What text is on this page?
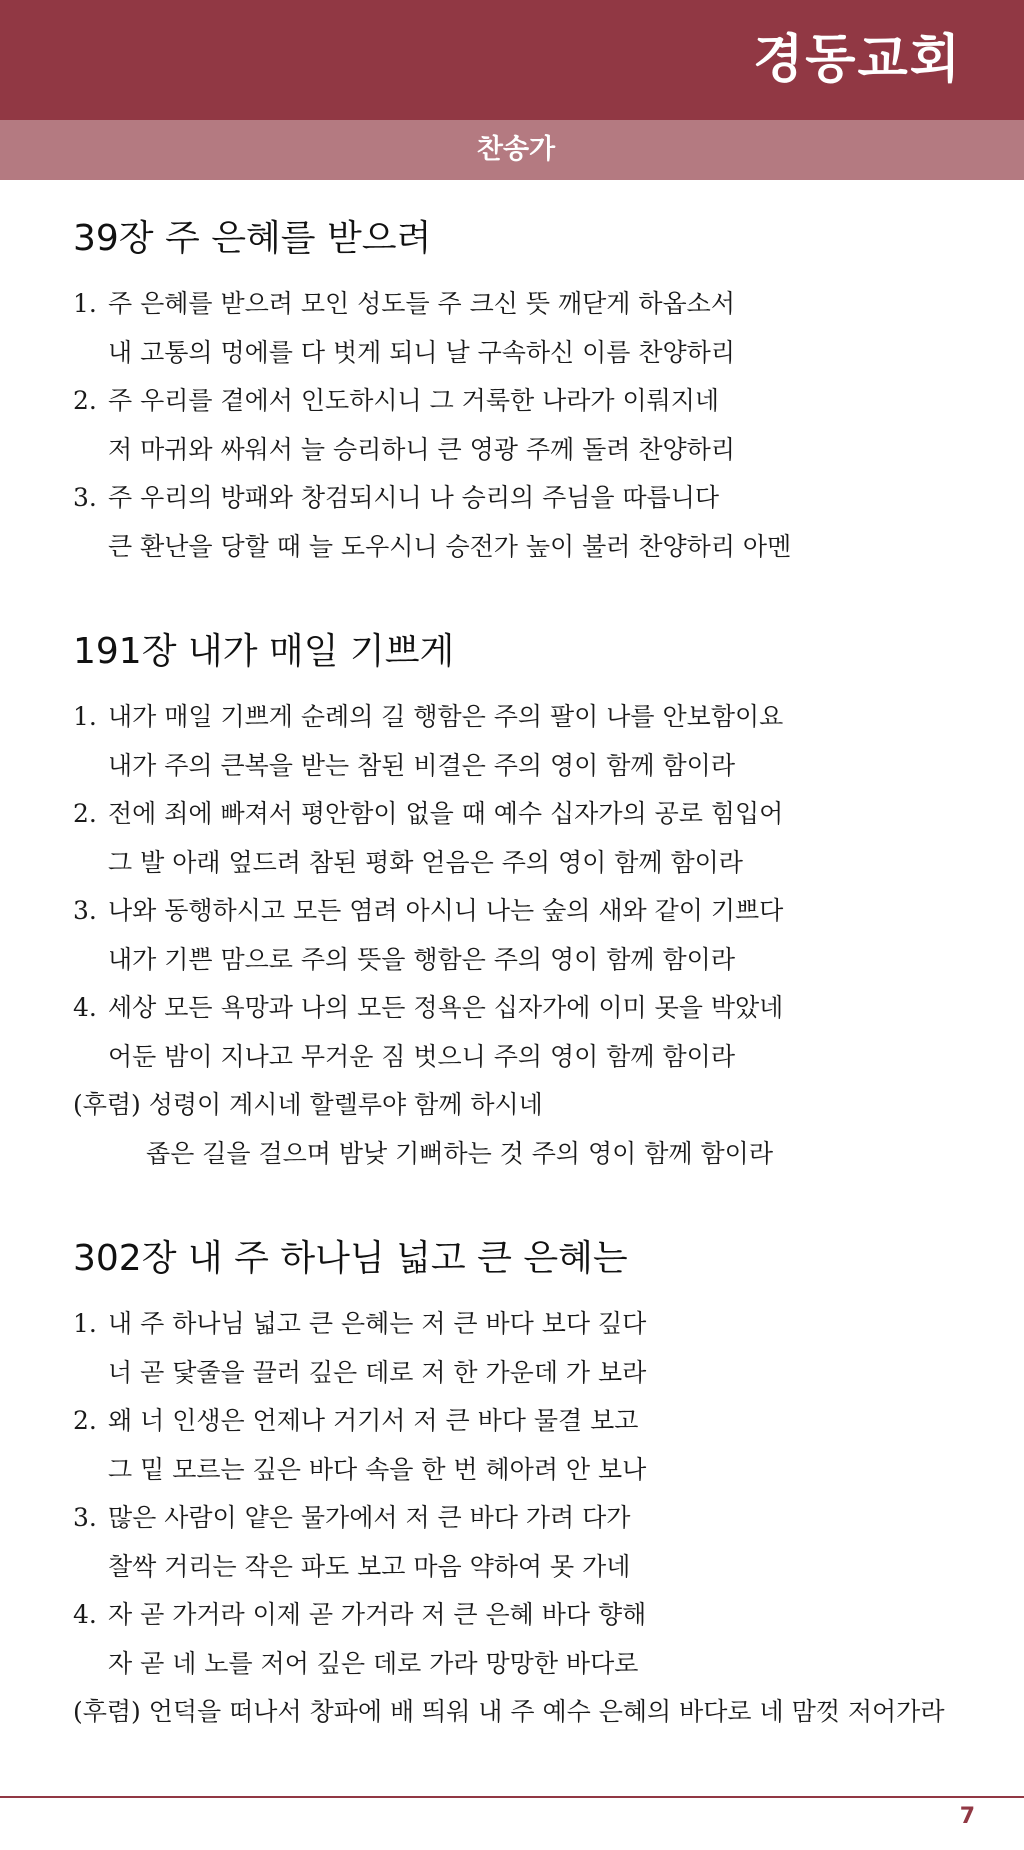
경동교회
찬송가
39장 주 은혜를 받으려
1. 주 은혜를 받으려 모인 성도들 주 크신 뜻 깨닫게 하옵소서
내 고통의 멍에를 다 벗게 되니 날 구속하신 이름 찬양하리
2. 주 우리를 곁에서 인도하시니 그 거룩한 나라가 이뤄지네
저 마귀와 싸워서 늘 승리하니 큰 영광 주께 돌려 찬양하리
3. 주 우리의 방패와 창검되시니 나 승리의 주님을 따릅니다
큰 환난을 당할 때 늘 도우시니 승전가 높이 불러 찬양하리 아멘
191장 내가 매일 기쁘게
1. 내가 매일 기쁘게 순례의 길 행함은 주의 팔이 나를 안보함이요
내가 주의 큰복을 받는 참된 비결은 주의 영이 함께 함이라
2. 전에 죄에 빠져서 평안함이 없을 때 예수 십자가의 공로 힘입어
그 발 아래 엎드려 참된 평화 얻음은 주의 영이 함께 함이라
3. 나와 동행하시고 모든 염려 아시니 나는 숲의 새와 같이 기쁘다
내가 기쁜 맘으로 주의 뜻을 행함은 주의 영이 함께 함이라
4. 세상 모든 욕망과 나의 모든 정욕은 십자가에 이미 못을 박았네
어둔 밤이 지나고 무거운 짐 벗으니 주의 영이 함께 함이라
(후렴) 성령이 계시네 할렐루야 함께 하시네
좁은 길을 걸으며 밤낮 기뻐하는 것 주의 영이 함께 함이라
302장 내 주 하나님 넓고 큰 은혜는
1. 내 주 하나님 넓고 큰 은혜는 저 큰 바다 보다 깊다
너 곧 닻줄을 끌러 깊은 데로 저 한 가운데 가 보라
2. 왜 너 인생은 언제나 거기서 저 큰 바다 물결 보고
그 밑 모르는 깊은 바다 속을 한 번 헤아려 안 보나
3. 많은 사람이 얕은 물가에서 저 큰 바다 가려 다가
찰싹 거리는 작은 파도 보고 마음 약하여 못 가네
4. 자 곧 가거라 이제 곧 가거라 저 큰 은혜 바다 향해
자 곧 네 노를 저어 깊은 데로 가라 망망한 바다로
(후렴) 언덕을 떠나서 창파에 배 띄워 내 주 예수 은혜의 바다로 네 맘껏 저어가라
7
